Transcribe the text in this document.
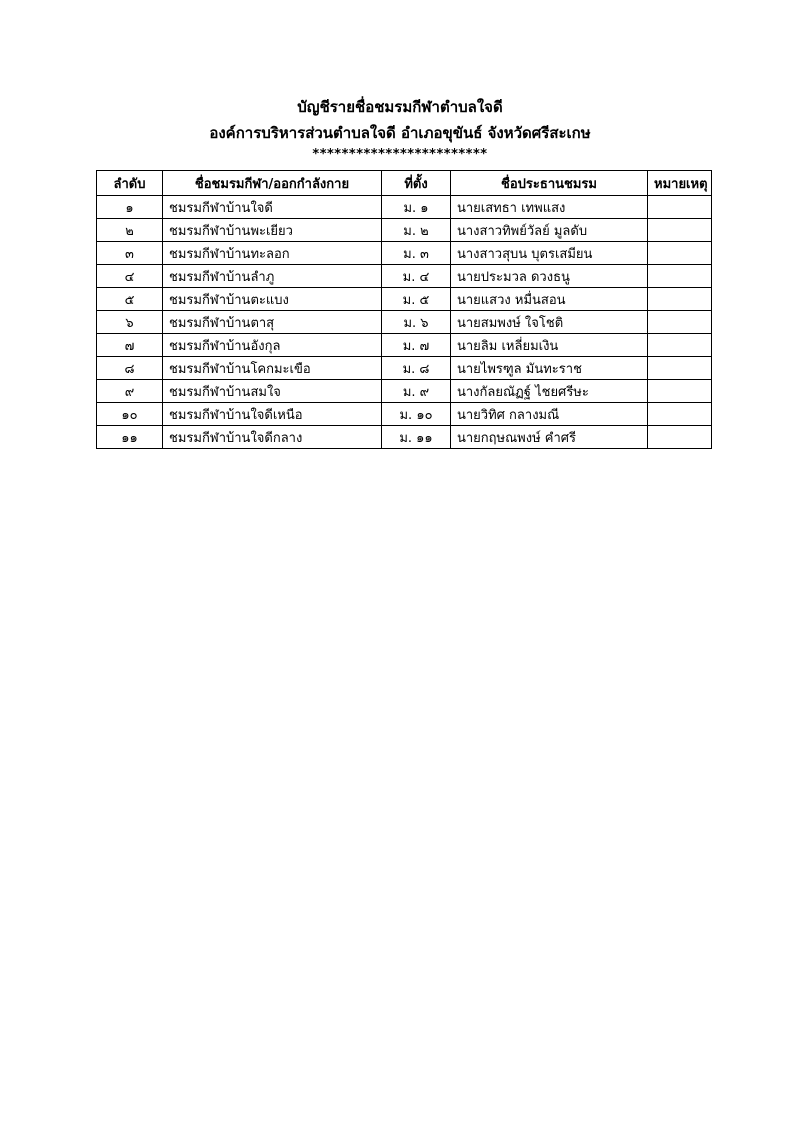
บัญชีรายชื่อชมรมกีฬาตำบลใจดี
องค์การบริหารส่วนตำบลใจดี อำเภอขุขันธ์ จังหวัดศรีสะเกษ
************************
ลำดับ	ชื่อชมรมกีฬา/ออกกำลังกาย	ที่ตั้ง	ชื่อประธานชมรม	หมายเหตุ
๑	ชมรมกีฬาบ้านใจดี	ม. ๑	นายเสทธา เทพแสง	
๒	ชมรมกีฬาบ้านพะเยียว	ม. ๒	นางสาวทิพย์วัลย์ มูลดับ	
๓	ชมรมกีฬาบ้านทะลอก	ม. ๓	นางสาวสุบน บุตรเสมียน	
๔	ชมรมกีฬาบ้านลำภู	ม. ๔	นายประมวล ดวงธนู	
๕	ชมรมกีฬาบ้านตะแบง	ม. ๕	นายแสวง หมื่นสอน	
๖	ชมรมกีฬาบ้านตาสุ	ม. ๖	นายสมพงษ์ ใจโชติ	
๗	ชมรมกีฬาบ้านอังกุล	ม. ๗	นายลิม เหลี่ยมเงิน	
๘	ชมรมกีฬาบ้านโคกมะเขือ	ม. ๘	นายไพรฑูล มันทะราช	
๙	ชมรมกีฬาบ้านสมใจ	ม. ๙	นางกัลยณัฏฐ์ ไชยศรีษะ	
๑๐	ชมรมกีฬาบ้านใจดีเหนือ	ม. ๑๐	นายวิทิศ กลางมณี	
๑๑	ชมรมกีฬาบ้านใจดีกลาง	ม. ๑๑	นายกฤษณพงษ์ คำศรี	
